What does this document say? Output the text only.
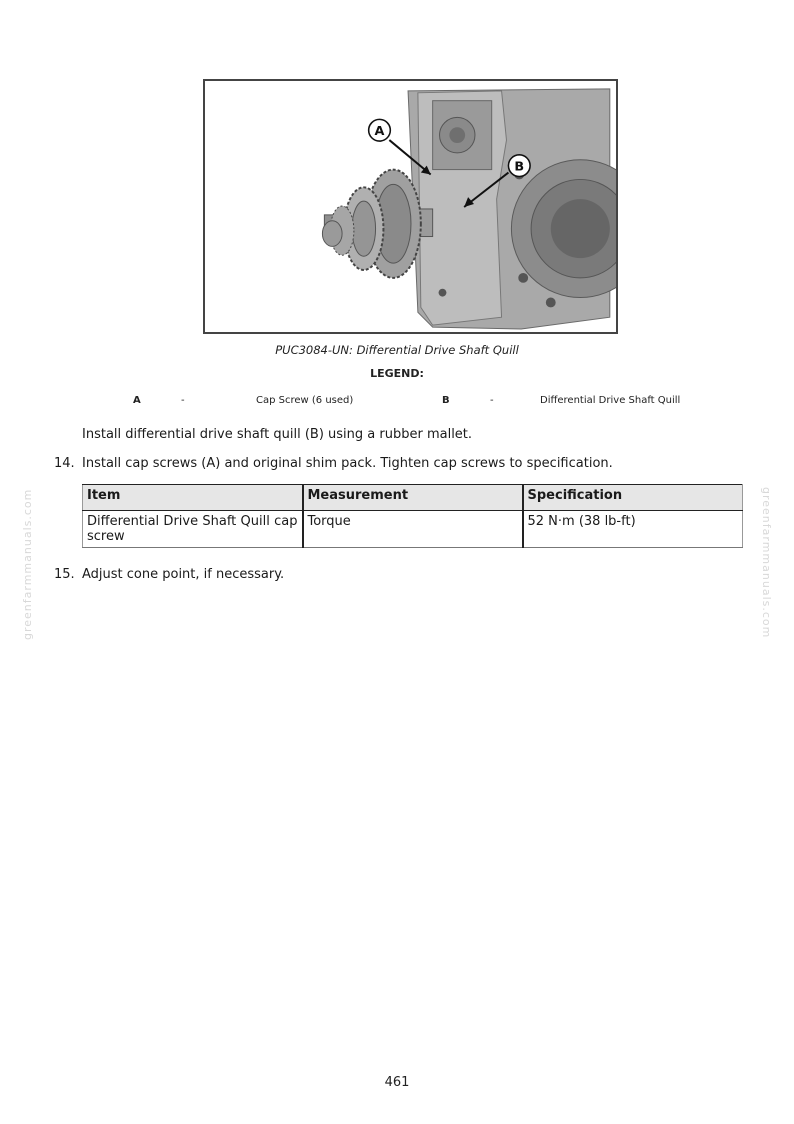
A
B
PUC3084-UN: Differential Drive Shaft Quill
LEGEND:
A	-	Cap Screw (6 used)	B	-	Differential Drive Shaft Quill
Install differential drive shaft quill (B) using a rubber mallet.
14. Install cap screws (A) and original shim pack. Tighten cap screws to specification.
Item	Measurement	Specification
Differential Drive Shaft Quill cap screw	Torque	52 N·m (38 lb-ft)
15. Adjust cone point, if necessary.
greenfarmmanuals.com	greenfarmmanuals.com
461
